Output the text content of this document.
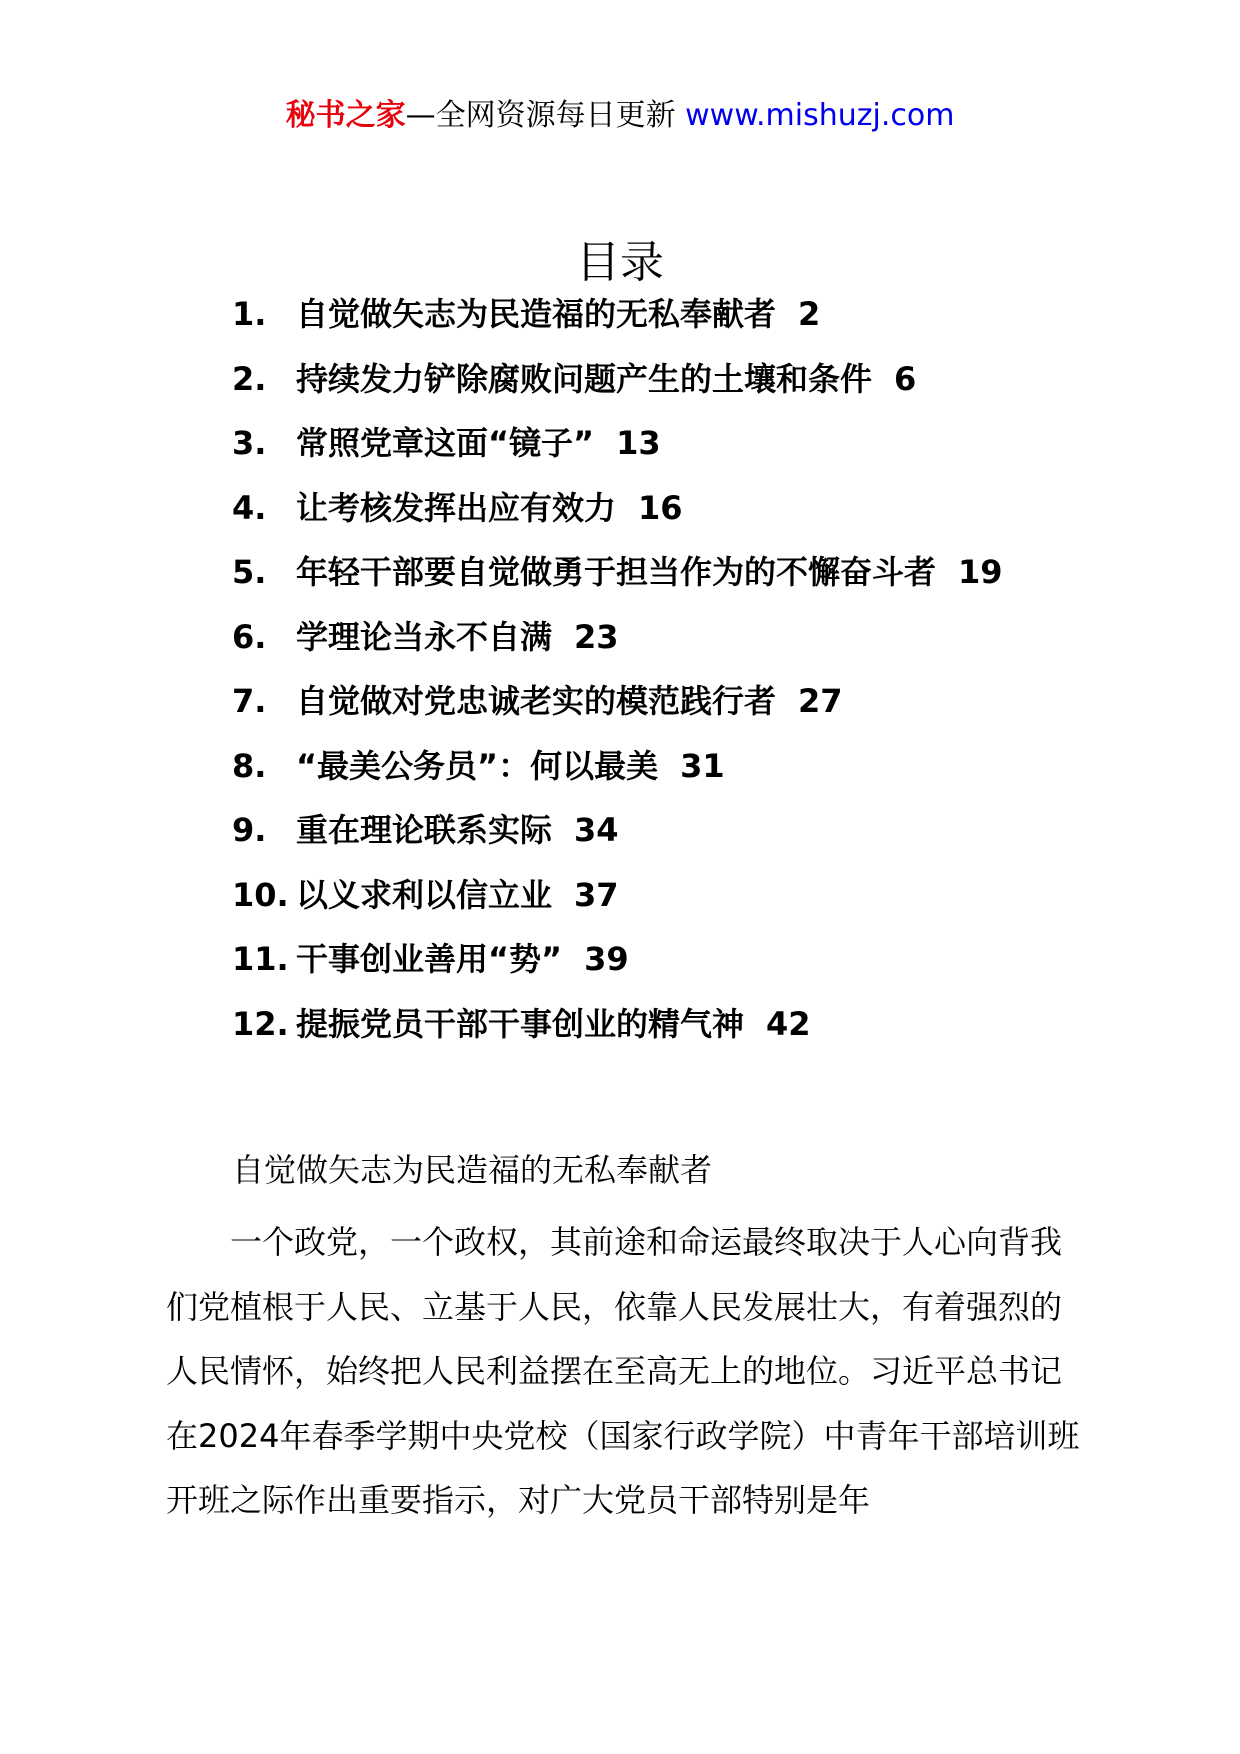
秘书之家—全网资源每日更新 www.mishuzj.com
目录
1. 自觉做矢志为民造福的无私奉献者 2
2. 持续发力铲除腐败问题产生的土壤和条件 6
3. 常照党章这面“镜子” 13
4. 让考核发挥出应有效力 16
5. 年轻干部要自觉做勇于担当作为的不懈奋斗者 19
6. 学理论当永不自满 23
7. 自觉做对党忠诚老实的模范践行者 27
8. “最美公务员”：何以最美 31
9. 重在理论联系实际 34
10. 以义求利以信立业 37
11. 干事创业善用“势” 39
12. 提振党员干部干事创业的精气神 42
自觉做矢志为民造福的无私奉献者

一个政党，一个政权，其前途和命运最终取决于人心向背我们党植根于人民、立基于人民，依靠人民发展壮大，有着强烈的人民情怀，始终把人民利益摆在至高无上的地位。习近平总书记在2024年春季学期中央党校（国家行政学院）中青年干部培训班开班之际作出重要指示，对广大党员干部特别是年
